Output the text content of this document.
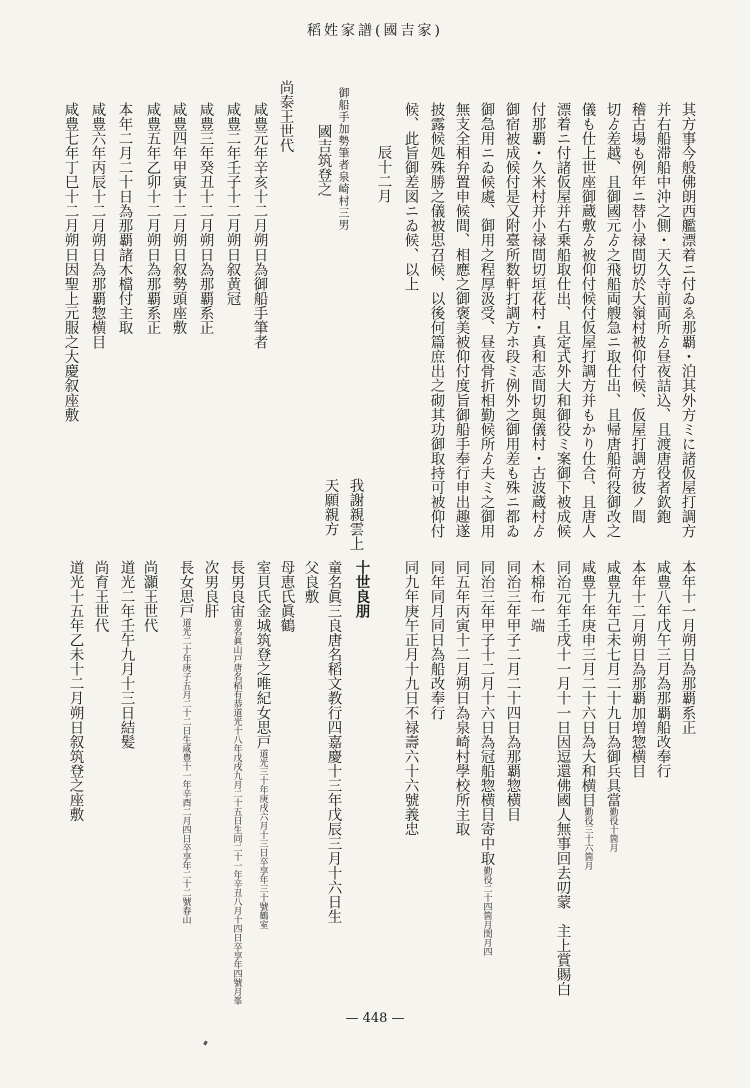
稻姓家譜(國吉家)
其方事今般佛朗西艦漂着ニ付ゐゑ那覇・泊其外方ミに諸仮屋打調方
并右船滞船中沖之側・天久寺前両所ゟ昼夜詰込、且渡唐役者欽鉋
稽古場も例年ニ替小禄間切於大嶺村被仰付候、仮屋打調方彼ノ間
切ゟ差越、且御國元ゟ之飛船両艘急ニ取仕出、且帰唐船荷役御改之
儀も仕上世座御蔵敷ゟ被仰付候付仮屋打調方并もかり仕合、且唐人
漂着ニ付諸仮屋并右乗船取仕出、且定式外大和御役ミ案御下被成候
付那覇・久米村并小禄間切垣花村・真和志間切與儀村・古波蔵村ゟ
御宿被成候付是又附臺所数軒打調方ホ段ミ例外之御用差も殊ニ都ゐ
御急用ニゐ候處、御用之程厚汲受、昼夜骨折相勤候所ゟ夫ミ之御用
無支全相弁置申候間、相應之御褒美被仰付度旨御船手奉行申出趣遂
披露候処殊勝之儀被思召候、以後何篇庶出之砌其功御取持可被仰付
候、此旨御差図ニゐ候、以上
辰十二月
我謝親雲上
天願親方
御船手加勢筆者泉崎村三男
國吉筑登之
尚泰王世代
咸豊元年辛亥十二月朔日為御船手筆者
咸豊二年壬子十二月朔日叙黄冠
咸豊三年癸丑十二月朔日為那覇系正
咸豊四年甲寅十二月朔日叙勢頭座敷
咸豊五年乙卯十二月朔日為那覇系正
本年二月二十日為那覇諸木檔付主取
咸豊六年丙辰十二月朔日為那覇惣横目
咸豊七年丁巳十二月朔日因聖上元服之大慶叙座敷
本年十一月朔日為那覇系正
咸豊八年戊午三月為那覇船改奉行
本年十二月朔日為那覇加増惣横目
咸豊九年己未七月二十九日為御兵具當勤役十箇月
咸豊十年庚申三月二十六日為大和横目勤役三十六箇月
同治元年壬戌十一月十一日因逗還佛國人無事回去叨蒙　主上賞賜白
木棉布一端
同治三年甲子二月二十四日為那覇惣横目
同治三年甲子十二月十六日為冠船惣横目寄中取勤役二十四箇月閏月四
同五年丙寅十二月朔日為泉崎村學校所主取
同年同月同日為船改奉行
同九年庚午正月十九日不禄壽六十六號義忠
十世良朋
童名眞三良唐名稻文教行四嘉慶十三年戊辰三月十六日生
父良敷
母恵氏眞鶴
室貝氏金城筑登之唯紀女思戸道光三十年庚戌六月十三日卒享年三十號鶴室
長男良宙童名眞山戸唐名稻有恭道光十八年戊戌九月二十五日生同二十一年辛丑八月十四日卒享年四號月峯
次男良肝
長女思戸道光二十年庚子五月二十二日生咸豊十一年辛酉二月四日卒享年二十二號春山
尚灝王世代
道光二年壬午九月十三日結髪
尚育王世代
道光十五年乙未十二月朔日叙筑登之座敷
— 448 —
